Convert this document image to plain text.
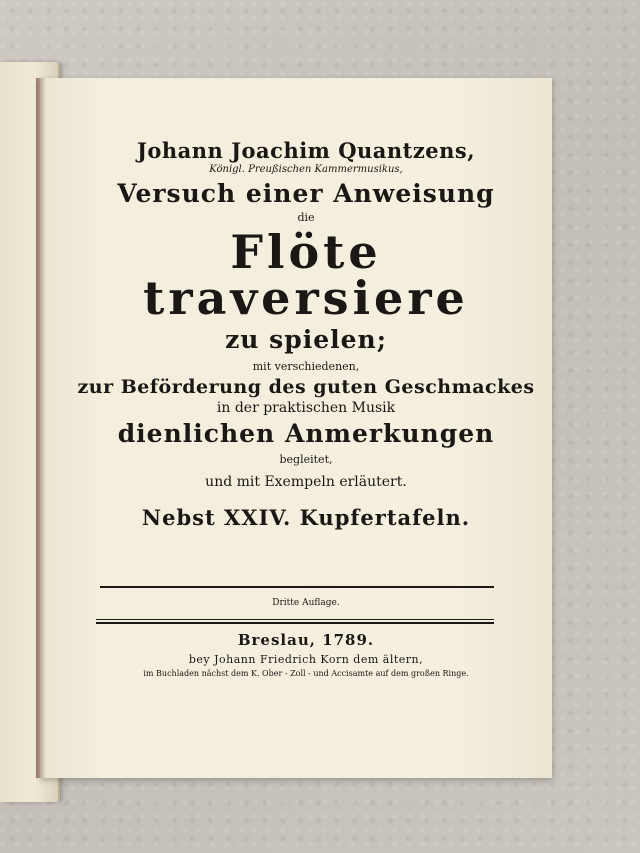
Johann Joachim Quantzens,
Königl. Preußischen Kammermusikus,
Versuch einer Anweisung
die
Flöte traversiere
zu spielen;
mit verschiedenen,
zur Beförderung des guten Geschmackes
in der praktischen Musik
dienlichen Anmerkungen
begleitet,
und mit Exempeln erläutert.
Nebst XXIV. Kupfertafeln.
Dritte Auflage.
Breslau, 1789.
bey Johann Friedrich Korn dem ältern,
im Buchladen nächst dem K. Ober - Zoll - und Accisamte auf dem großen Ringe.
